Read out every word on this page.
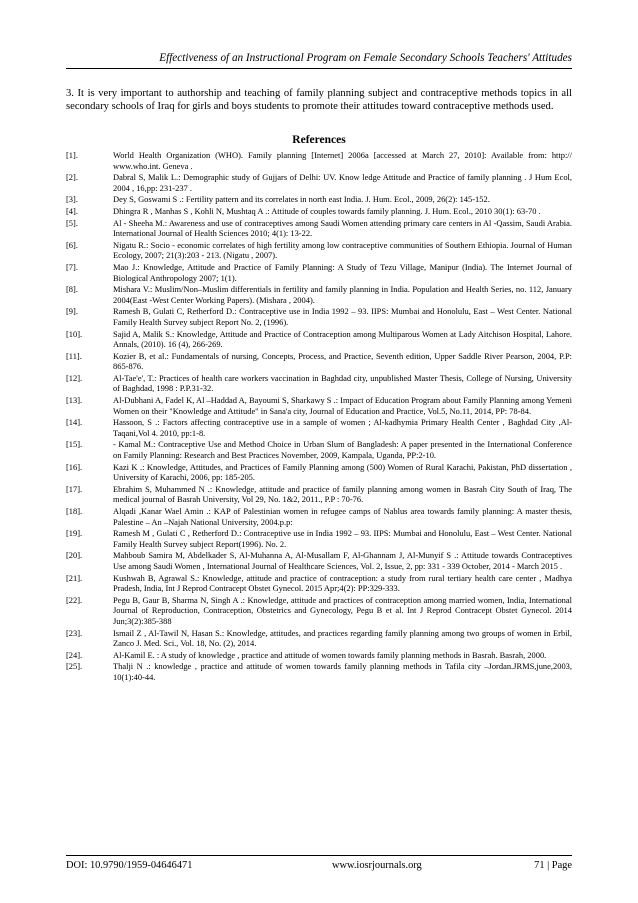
Effectiveness of an Instructional Program on Female Secondary Schools Teachers' Attitudes
3. It is very important to authorship and teaching of family planning subject and contraceptive methods topics in all secondary schools of Iraq for girls and boys students to promote their attitudes toward contraceptive methods used.
References
[1].	World Health Organization (WHO). Family planning [Internet] 2006a [accessed at March 27, 2010]: Available from: http:// www.who.int. Geneva .
[2].	Dabral S, Malik L.: Demographic study of Gujjars of Delhi: UV. Know ledge Attitude and Practice of family planning . J Hum Ecol, 2004 , 16,pp: 231-237 .
[3].	Dey S, Goswami S .: Fertility pattern and its correlates in north east India. J. Hum. Ecol., 2009, 26(2): 145-152.
[4].	Dhingra R , Manhas S , Kohli N, Mushtaq A .: Attitude of couples towards family planning. J. Hum. Ecol., 2010 30(1): 63-70 .
[5].	Al - Sheeha M.: Awareness and use of contraceptives among Saudi Women attending primary care centers in Al -Qassim, Saudi Arabia. International Journal of Health Sciences 2010; 4(1): 13-22.
[6].	Nigatu R.: Socio - economic correlates of high fertility among low contraceptive communities of Southern Ethiopia. Journal of Human Ecology, 2007; 21(3):203 - 213. (Nigatu , 2007).
[7].	Mao J.: Knowledge, Attitude and Practice of Family Planning: A Study of Tezu Village, Manipur (India). The Internet Journal of Biological Anthropology 2007; 1(1).
[8].	Mishara V.: Muslim/Non–Muslim differentials in fertility and family planning in India. Population and Health Series, no. 112, January 2004(East -West Center Working Papers). (Mishara , 2004).
[9].	Ramesh B, Gulati C, Retherford D.: Contraceptive use in India 1992 – 93. IIPS: Mumbai and Honolulu, East – West Center. National Family Health Survey subject Report No. 2, (1996).
[10].	Sajid A, Malik S.: Knowledge, Attitude and Practice of Contraception among Multiparous Women at Lady Aitchison Hospital, Lahore. Annals, (2010). 16 (4), 266-269.
[11].	Kozier B, et al.: Fundamentals of nursing, Concepts, Process, and Practice, Seventh edition, Upper Saddle River Pearson, 2004, P.P: 865-876.
[12].	Al-Tae'e', T.: Practices of health care workers vaccination in Baghdad city, unpublished Master Thesis, College of Nursing, University of Baghdad, 1998 : P.P.31-32.
[13].	Al-Dubhani A, Fadel K, Al –Haddad A, Bayoumi S, Sharkawy S .: Impact of Education Program about Family Planning among Yemeni Women on their "Knowledge and Attitude" in Sana'a city, Journal of Education and Practice, Vol.5, No.11, 2014, PP: 78-84.
[14].	Hassoon, S .: Factors affecting contraceptive use in a sample of women ; Al-kadhymia Primary Health Center , Baghdad City ,Al-Taqani,Vol 4. 2010, pp:1-8.
[15].	- Kamal M.: Contraceptive Use and Method Choice in Urban Slum of Bangladesh: A paper presented in the International Conference on Family Planning: Research and Best Practices November, 2009, Kampala, Uganda, PP:2-10.
[16].	Kazi K .: Knowledge, Attitudes, and Practices of Family Planning among (500) Women of Rural Karachi, Pakistan, PhD dissertation , University of Karachi, 2006, pp: 185-205.
[17].	Ebrahim S, Muhammed N .: Knowledge, attitude and practice of family planning among women in Basrah City South of Iraq, The medical journal of Basrah University, Vol 29, No. 1&2, 2011., P.P : 70-76.
[18].	Alqadi ,Kanar Wael Amin .: KAP of Palestinian women in refugee camps of Nablus area towards family planning: A master thesis, Palestine – An –Najah National University, 2004.p.p:
[19].	Ramesh M , Gulati C , Retherford D.: Contraceptive use in India 1992 – 93. IIPS: Mumbai and Honolulu, East – West Center. National Family Health Survey subject Report(1996). No. 2.
[20].	Mahboub Samira M, Abdelkader S, Al-Muhanna A, Al-Musallam F, Al-Ghannam J, Al-Munyif S .: Attitude towards Contraceptives Use among Saudi Women , International Journal of Healthcare Sciences, Vol. 2, Issue, 2, pp: 331 - 339 October, 2014 - March 2015 .
[21].	Kushwah B, Agrawal S.: Knowledge, attitude and practice of contraception: a study from rural tertiary health care center , Madhya Pradesh, India, Int J Reprod Contracept Obstet Gynecol. 2015 Apr;4(2): PP:329-333.
[22].	Pegu B, Gaur B, Sharma N, Singh A .: Knowledge, attitude and practices of contraception among married women, India, International Journal of Reproduction, Contraception, Obstetrics and Gynecology, Pegu B et al. Int J Reprod Contracept Obstet Gynecol. 2014 Jun;3(2):385-388
[23].	Ismail Z , Al-Tawil N, Hasan S.: Knowledge, attitudes, and practices regarding family planning among two groups of women in Erbil, Zanco J. Med. Sci., Vol. 18, No. (2), 2014.
[24].	Al-Kamil E. : A study of knowledge , practice and attitude of women towards family planning methods in Basrah. Basrah, 2000.
[25].	Thalji N .: knowledge , practice and attitude of women towards family planning methods in Tafila city –Jordan.JRMS,june,2003, 10(1):40-44.
DOI: 10.9790/1959-04646471	www.iosrjournals.org	71 | Page
